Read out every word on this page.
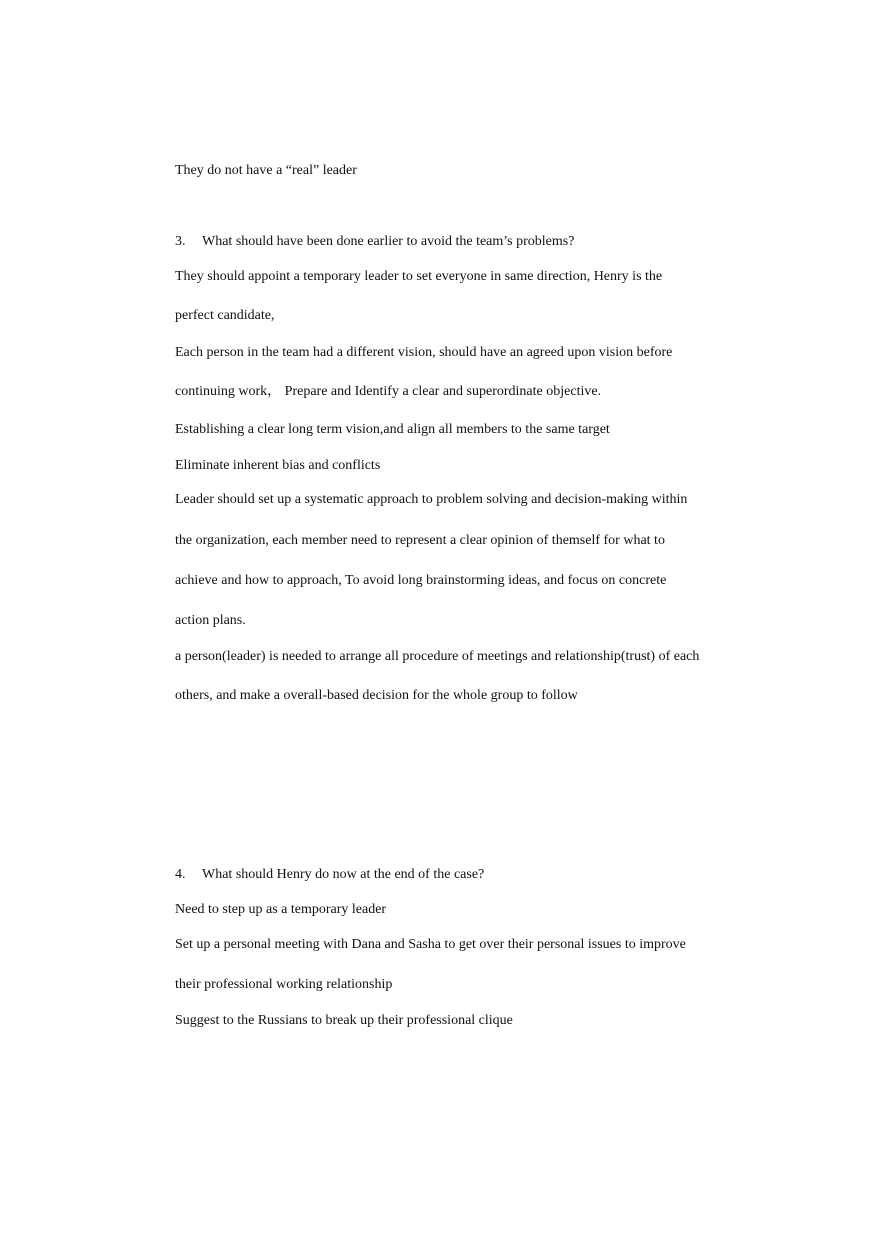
They do not have a “real” leader
3. What should have been done earlier to avoid the team’s problems?
They should appoint a temporary leader to set everyone in same direction, Henry is the
perfect candidate,
Each person in the team had a different vision, should have an agreed upon vision before
continuing work， Prepare and Identify a clear and superordinate objective.
Establishing a clear long term vision,and align all members to the same target
Eliminate inherent bias and conflicts
Leader should set up a systematic approach to problem solving and decision-making within
the organization, each member need to represent a clear opinion of themself for what to
achieve and how to approach, To avoid long brainstorming ideas, and focus on concrete
action plans.
a person(leader) is needed to arrange all procedure of meetings and relationship(trust) of each
others, and make a overall-based decision for the whole group to follow
4. What should Henry do now at the end of the case?
Need to step up as a temporary leader
Set up a personal meeting with Dana and Sasha to get over their personal issues to improve
their professional working relationship
Suggest to the Russians to break up their professional clique
